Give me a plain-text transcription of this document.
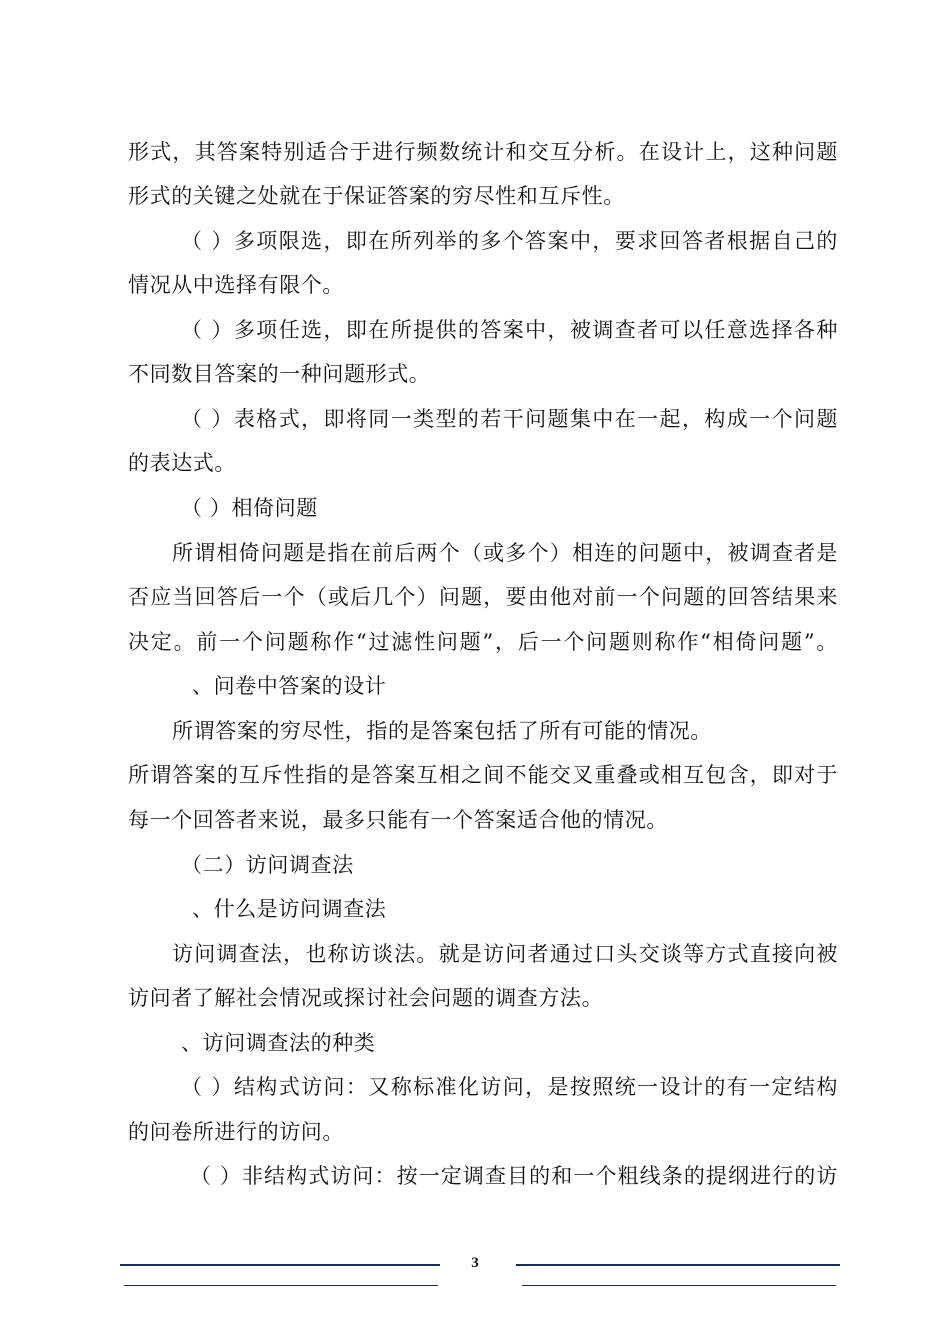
形式，其答案特别适合于进行频数统计和交互分析。在设计上，这种问题
形式的关键之处就在于保证答案的穷尽性和互斥性。
（ ）多项限选，即在所列举的多个答案中，要求回答者根据自己的
情况从中选择有限个。
（ ）多项任选，即在所提供的答案中，被调查者可以任意选择各种
不同数目答案的一种问题形式。
（ ）表格式，即将同一类型的若干问题集中在一起，构成一个问题
的表达式。
（ ）相倚问题
所谓相倚问题是指在前后两个（或多个）相连的问题中，被调查者是
否应当回答后一个（或后几个）问题，要由他对前一个问题的回答结果来
决定。前一个问题称作“过滤性问题”，后一个问题则称作“相倚问题”。
、问卷中答案的设计
所谓答案的穷尽性，指的是答案包括了所有可能的情况。
所谓答案的互斥性指的是答案互相之间不能交叉重叠或相互包含，即对于
每一个回答者来说，最多只能有一个答案适合他的情况。
（二）访问调查法
、什么是访问调查法
访问调查法，也称访谈法。就是访问者通过口头交谈等方式直接向被
访问者了解社会情况或探讨社会问题的调查方法。
、访问调查法的种类
（ ）结构式访问：又称标准化访问，是按照统一设计的有一定结构
的问卷所进行的访问。
（ ）非结构式访问：按一定调查目的和一个粗线条的提纲进行的访
3
